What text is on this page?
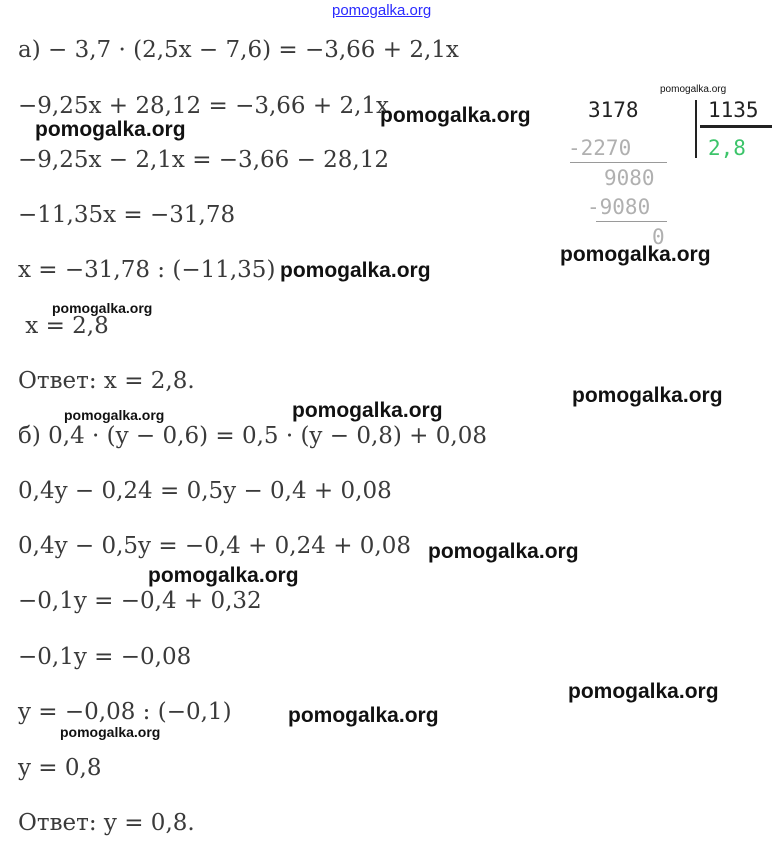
pomogalka.org
а) − 3,7 · (2,5x − 7,6) = −3,66 + 2,1x
−9,25x + 28,12 = −3,66 + 2,1x
−9,25x − 2,1x = −3,66 − 28,12
−11,35x = −31,78
x = −31,78 : (−11,35)
x = 2,8
Ответ: x = 2,8.
б) 0,4 · (y − 0,6) = 0,5 · (y − 0,8) + 0,08
0,4y − 0,24 = 0,5y − 0,4 + 0,08
0,4y − 0,5y = −0,4 + 0,24 + 0,08
−0,1y = −0,4 + 0,32
−0,1y = −0,08
y = −0,08 : (−0,1)
y = 0,8
Ответ: y = 0,8.
3178	1135
2,8
-2270
9080
-9080
0
pomogalka.org
pomogalka.org
pomogalka.org
pomogalka.org
pomogalka.org
pomogalka.org
pomogalka.org
pomogalka.org
pomogalka.org
pomogalka.org
pomogalka.org
pomogalka.org
pomogalka.org
pomogalka.org
